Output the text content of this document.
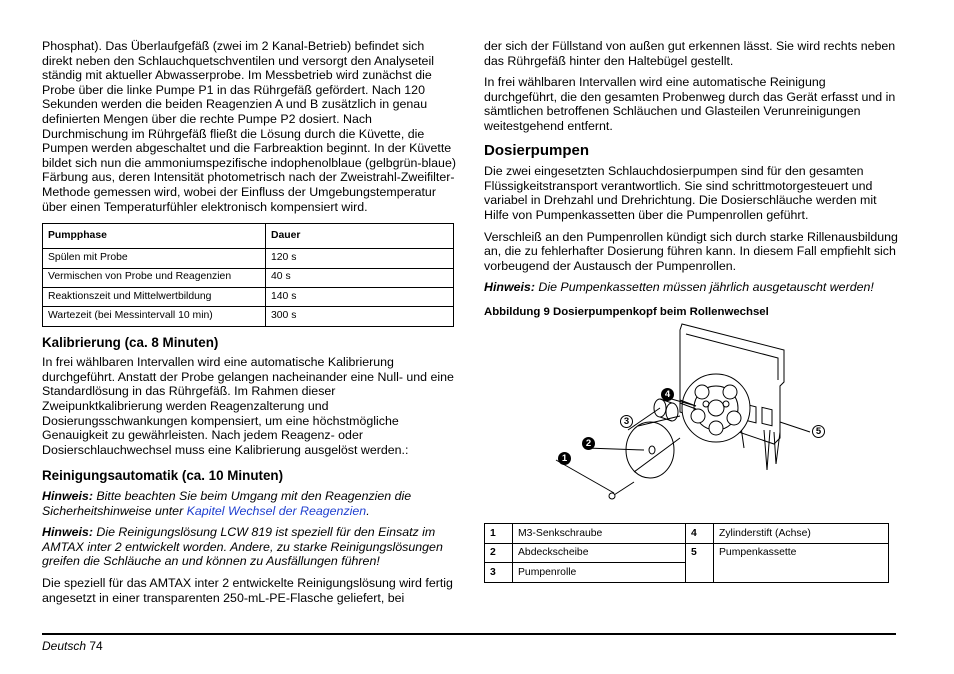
Phosphat). Das Überlaufgefäß (zwei im 2 Kanal-Betrieb) befindet sich direkt neben den Schlauchquetschventilen und versorgt den Analyseteil ständig mit aktueller Abwasserprobe. Im Messbetrieb wird zunächst die Probe über die linke Pumpe P1 in das Rührgefäß gefördert. Nach 120 Sekunden werden die beiden Reagenzien A und B zusätzlich in genau definierten Mengen über die rechte Pumpe P2 dosiert. Nach Durchmischung im Rührgefäß fließt die Lösung durch die Küvette, die Pumpen werden abgeschaltet und die Farbreaktion beginnt. In der Küvette bildet sich nun die ammoniumspezifische indophenolblaue (gelbgrün-blaue) Färbung aus, deren Intensität photometrisch nach der Zweistrahl-Zweifilter-Methode gemessen wird, wobei der Einfluss der Umgebungstemperatur über einen Temperaturfühler elektronisch kompensiert wird.

Pumpphase	Dauer
Spülen mit Probe	120 s
Vermischen von Probe und Reagenzien	40 s
Reaktionszeit und Mittelwertbildung	140 s
Wartezeit (bei Messintervall 10 min)	300 s
Kalibrierung (ca. 8 Minuten)

In frei wählbaren Intervallen wird eine automatische Kalibrierung durchgeführt. Anstatt der Probe gelangen nacheinander eine Null- und eine Standardlösung in das Rührgefäß. Im Rahmen dieser Zweipunktkalibrierung werden Reagenzalterung und Dosierungsschwankungen kompensiert, um eine höchstmögliche Genauigkeit zu gewährleisten. Nach jedem Reagenz- oder Dosierschlauchwechsel muss eine Kalibrierung ausgelöst werden.:

Reinigungsautomatik (ca. 10 Minuten)

Hinweis: Bitte beachten Sie beim Umgang mit den Reagenzien die Sicherheitshinweise unter Kapitel Wechsel der Reagenzien.

Hinweis: Die Reinigungslösung LCW 819 ist speziell für den Einsatz im AMTAX inter 2 entwickelt worden. Andere, zu starke Reinigungslösungen greifen die Schläuche an und können zu Ausfällungen führen!

Die speziell für das AMTAX inter 2 entwickelte Reinigungslösung wird fertig angesetzt in einer transparenten 250-mL-PE-Flasche geliefert, bei

der sich der Füllstand von außen gut erkennen lässt. Sie wird rechts neben das Rührgefäß hinter den Haltebügel gestellt.

In frei wählbaren Intervallen wird eine automatische Reinigung durchgeführt, die den gesamten Probenweg durch das Gerät erfasst und in sämtlichen betroffenen Schläuchen und Glasteilen Verunreinigungen weitestgehend entfernt.

Dosierpumpen

Die zwei eingesetzten Schlauchdosierpumpen sind für den gesamten Flüssigkeitstransport verantwortlich. Sie sind schrittmotorgesteuert und variabel in Drehzahl und Drehrichtung. Die Dosierschläuche werden mit Hilfe von Pumpenkassetten über die Pumpenrollen geführt.

Verschleiß an den Pumpenrollen kündigt sich durch starke Rillenausbildung an, die zu fehlerhafter Dosierung führen kann. In diesem Fall empfiehlt sich vorbeugend der Austausch der Pumpenrollen.

Hinweis: Die Pumpenkassetten müssen jährlich ausgetauscht werden!

Abbildung 9 Dosierpumpenkopf beim Rollenwechsel

1
2
3
4
5
1	M3-Senkschraube	4	Zylinderstift (Achse)
2	Abdeckscheibe	5	Pumpenkassette
3	Pumpenrolle		
Deutsch 74
